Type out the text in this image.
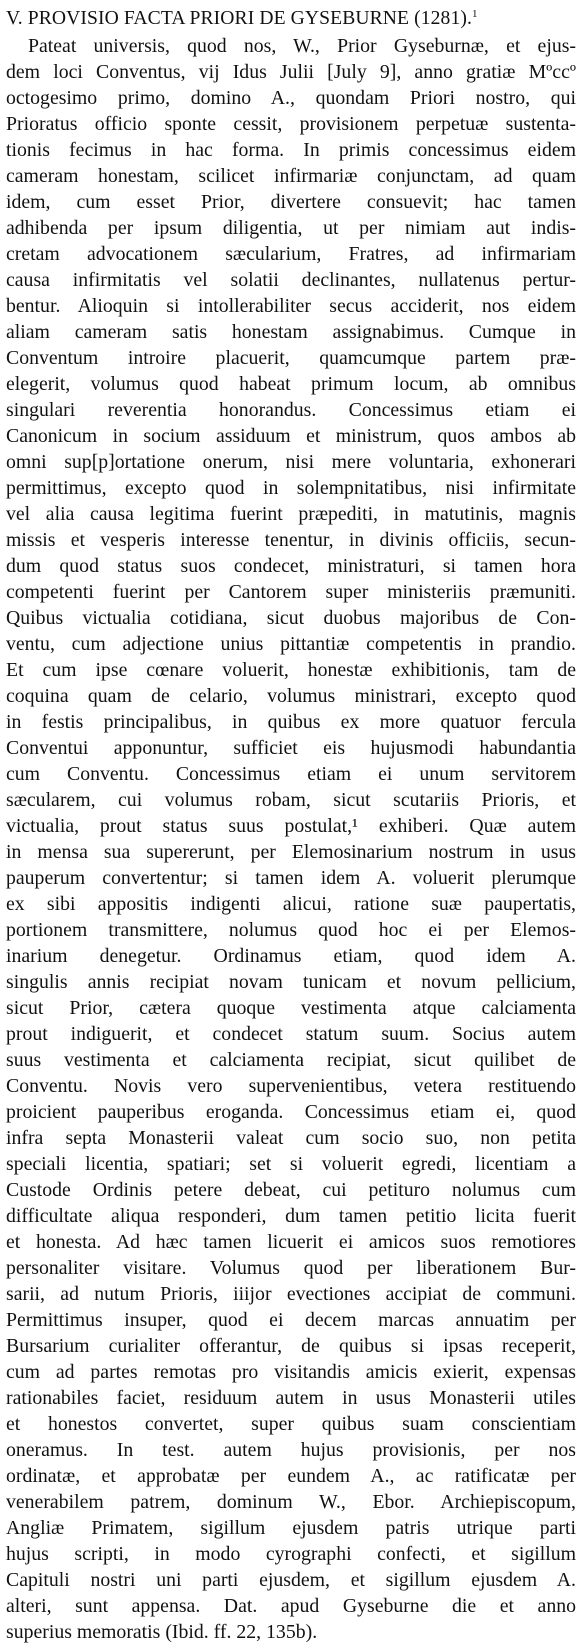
V. PROVISIO FACTA PRIORI DE GYSEBURNE (1281).$^1$
Pateat universis, quod nos, W., Prior Gyseburnæ, et ejus-
dem loci Conventus, vij Idus Julii [July 9], anno gratiæ Mºccº
octogesimo primo, domino A., quondam Priori nostro, qui
Prioratus officio sponte cessit, provisionem perpetuæ sustenta-
tionis fecimus in hac forma. In primis concessimus eidem
cameram honestam, scilicet infirmariæ conjunctam, ad quam
idem, cum esset Prior, divertere consuevit; hac tamen
adhibenda per ipsum diligentia, ut per nimiam aut indis-
cretam advocationem sæcularium, Fratres, ad infirmariam
causa infirmitatis vel solatii declinantes, nullatenus pertur-
bentur. Alioquin si intollerabiliter secus acciderit, nos eidem
aliam cameram satis honestam assignabimus. Cumque in
Conventum introire placuerit, quamcumque partem præ-
elegerit, volumus quod habeat primum locum, ab omnibus
singulari reverentia honorandus. Concessimus etiam ei
Canonicum in socium assiduum et ministrum, quos ambos ab
omni sup[p]ortatione onerum, nisi mere voluntaria, exhonerari
permittimus, excepto quod in solempnitatibus, nisi infirmitate
vel alia causa legitima fuerint præpediti, in matutinis, magnis
missis et vesperis interesse tenentur, in divinis officiis, secun-
dum quod status suos condecet, ministraturi, si tamen hora
competenti fuerint per Cantorem super ministeriis præmuniti.
Quibus victualia cotidiana, sicut duobus majoribus de Con-
ventu, cum adjectione unius pittantiæ competentis in prandio.
Et cum ipse cœnare voluerit, honestæ exhibitionis, tam de
coquina quam de celario, volumus ministrari, excepto quod
in festis principalibus, in quibus ex more quatuor fercula
Conventui apponuntur, sufficiet eis hujusmodi habundantia
cum Conventu. Concessimus etiam ei unum servitorem
sæcularem, cui volumus robam, sicut scutariis Prioris, et
victualia, prout status suus postulat,¹ exhiberi. Quæ autem
in mensa sua supererunt, per Elemosinarium nostrum in usus
pauperum convertentur; si tamen idem A. voluerit plerumque
ex sibi appositis indigenti alicui, ratione suæ paupertatis,
portionem transmittere, nolumus quod hoc ei per Elemos-
inarium denegetur. Ordinamus etiam, quod idem A.
singulis annis recipiat novam tunicam et novum pellicium,
sicut Prior, cætera quoque vestimenta atque calciamenta
prout indiguerit, et condecet statum suum. Socius autem
suus vestimenta et calciamenta recipiat, sicut quilibet de
Conventu. Novis vero supervenientibus, vetera restituendo
proicient pauperibus eroganda. Concessimus etiam ei, quod
infra septa Monasterii valeat cum socio suo, non petita
speciali licentia, spatiari; set si voluerit egredi, licentiam a
Custode Ordinis petere debeat, cui petituro nolumus cum
difficultate aliqua responderi, dum tamen petitio licita fuerit
et honesta. Ad hæc tamen licuerit ei amicos suos remotiores
personaliter visitare. Volumus quod per liberationem Bur-
sarii, ad nutum Prioris, iiijor evectiones accipiat de communi.
Permittimus insuper, quod ei decem marcas annuatim per
Bursarium curialiter offerantur, de quibus si ipsas receperit,
cum ad partes remotas pro visitandis amicis exierit, expensas
rationabiles faciet, residuum autem in usus Monasterii utiles
et honestos convertet, super quibus suam conscientiam
oneramus. In test. autem hujus provisionis, per nos
ordinatæ, et approbatæ per eundem A., ac ratificatæ per
venerabilem patrem, dominum W., Ebor. Archiepiscopum,
Angliæ Primatem, sigillum ejusdem patris utrique parti
hujus scripti, in modo cyrographi confecti, et sigillum
Capituli nostri uni parti ejusdem, et sigillum ejusdem A.
alteri, sunt appensa. Dat. apud Gyseburne die et anno
superius memoratis (Ibid. ff. 22, 135b).
